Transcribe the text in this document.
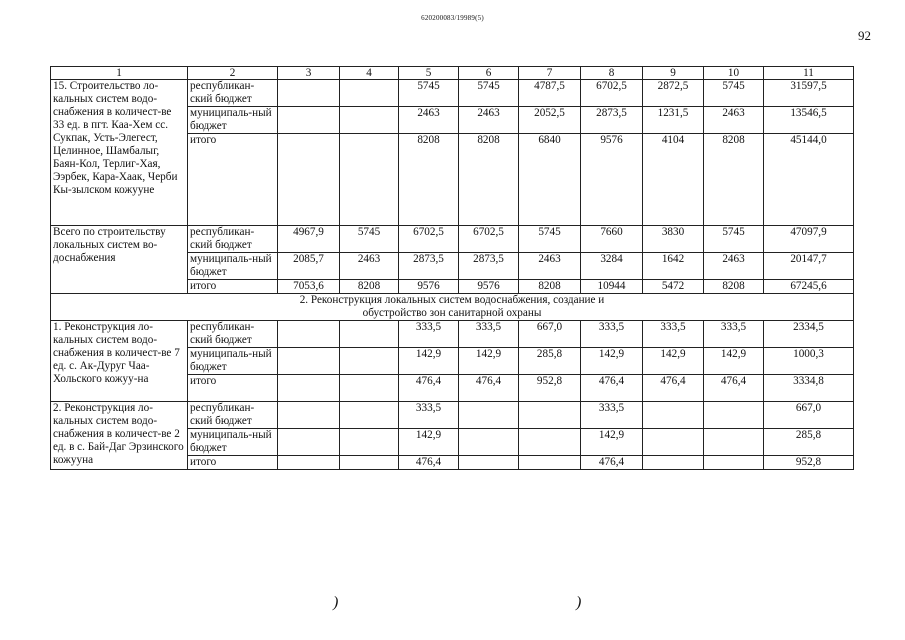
620200083/19989(5)
92
1	2	3	4	5	6	7	8	9	10	11
15. Строительство ло-кальных систем водо-снабжения в количест-ве 33 ед. в пгт. Каа-Хем сс. Сукпак, Усть-Элегест, Целинное, Шамбалыг, Баян-Кол, Терлиг-Хая, Ээрбек, Кара-Хаак, Черби Кы-зылском кожууне	республикан-ский бюджет			5745	5745	4787,5	6702,5	2872,5	5745	31597,5
	муниципаль-ный бюджет			2463	2463	2052,5	2873,5	1231,5	2463	13546,5
	итого			8208	8208	6840	9576	4104	8208	45144,0
Всего по строительству локальных систем во-доснабжения	республикан-ский бюджет	4967,9	5745	6702,5	6702,5	5745	7660	3830	5745	47097,9
	муниципаль-ный бюджет	2085,7	2463	2873,5	2873,5	2463	3284	1642	2463	20147,7
	итого	7053,6	8208	9576	9576	8208	10944	5472	8208	67245,6
2. Реконструкция локальных систем водоснабжения, создание и обустройство зон санитарной охраны										
1. Реконструкция ло-кальных систем водо-снабжения в количест-ве 7 ед. с. Ак-Дуруг Чаа-Хольского кожуу-на	республикан-ский бюджет			333,5	333,5	667,0	333,5	333,5	333,5	2334,5
	муниципаль-ный бюджет			142,9	142,9	285,8	142,9	142,9	142,9	1000,3
	итого			476,4	476,4	952,8	476,4	476,4	476,4	3334,8
2. Реконструкция ло-кальных систем водо-снабжения в количест-ве 2 ед. в с. Бай-Даг Эрзинского кожууна	республикан-ский бюджет			333,5			333,5			667,0
	муниципаль-ный бюджет			142,9			142,9			285,8
	итого			476,4			476,4			952,8
)	)
